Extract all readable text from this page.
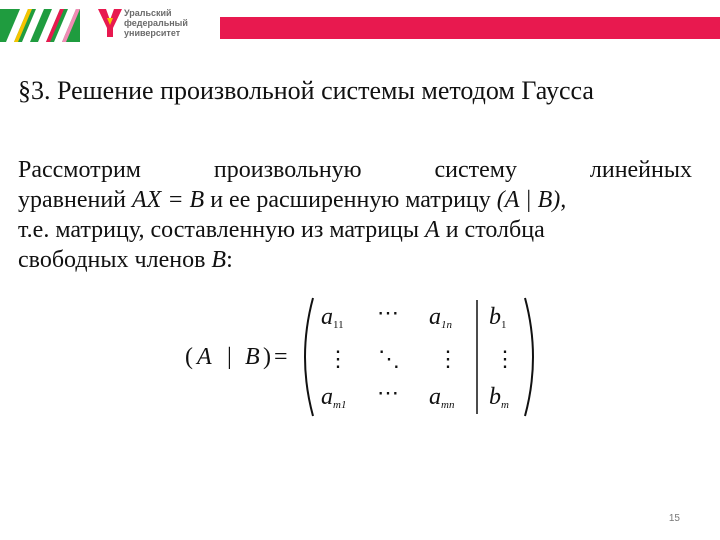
Уральский
федеральный
университет
§3. Решение произвольной системы методом Гаусса
Рассмотрим произвольную систему линейных
уравнений AX = B и ее расширенную матрицу (A | B),
т.е. матрицу, составленную из матрицы A и столбца
свободных членов B:
( A | B ) =
a11 ⋯ a1n b1
⋮ ⋱ ⋮ ⋮
am1 ⋯ amn bm
15
